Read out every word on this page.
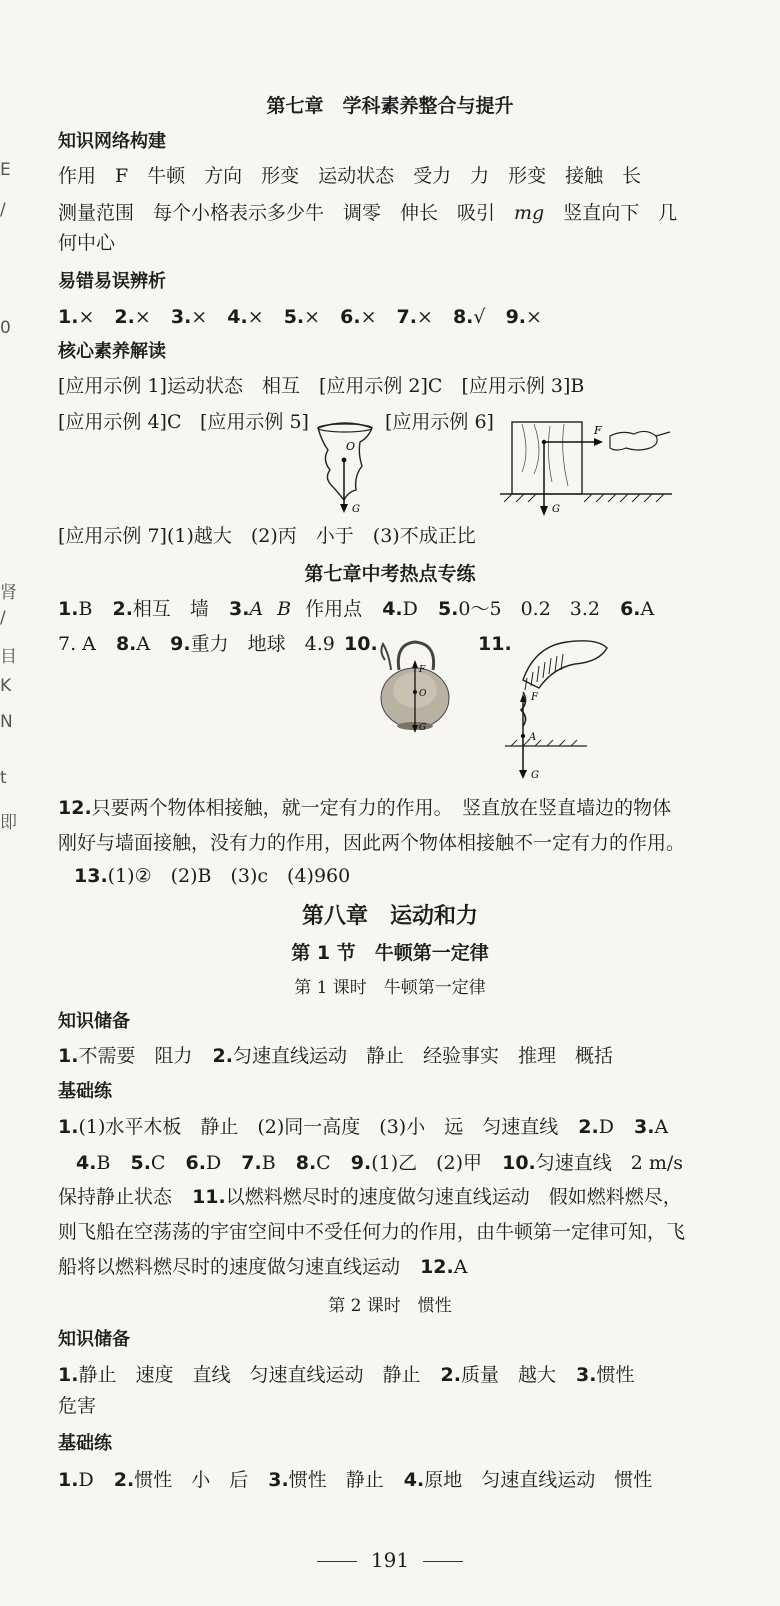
E
/
0
肾
/
目
K
N
t
即
第七章　学科素养整合与提升
知识网络构建
作用　F　牛顿　方向　形变　运动状态　受力　力　形变　接触　长
测量范围　每个小格表示多少牛　调零　伸长　吸引　mg　竖直向下　几
何中心
易错易误辨析
1.× 2.× 3.× 4.× 5.× 6.× 7.× 8.√ 9.×
核心素养解读
[应用示例 1]运动状态　相互　[应用示例 2]C　[应用示例 3]B
[应用示例 4]C [应用示例 5]	[应用示例 6]
O
G
F
G
[应用示例 7](1)越大　(2)丙　小于　(3)不成正比
第七章中考热点专练
1.B 2.相互　墙 3.A B 作用点 4.D 5.0～5　0.2　3.2 6.A
7. A 8.A 9.重力　地球　4.9 10.	11.
F
O
G
F
A
G
12.只要两个物体相接触，就一定有力的作用。　竖直放在竖直墙边的物体
刚好与墙面接触，没有力的作用，因此两个物体相接触不一定有力的作用。
13.(1)②　(2)B　(3)c　(4)960
第八章　运动和力
第 1 节　牛顿第一定律
第 1 课时　牛顿第一定律
知识储备
1.不需要　阻力 2.匀速直线运动　静止　经验事实　推理　概括
基础练
1.(1)水平木板　静止　(2)同一高度　(3)小　远　匀速直线 2.D 3.A
4.B 5.C 6.D 7.B 8.C 9.(1)乙　(2)甲 10.匀速直线　2 m/s
保持静止状态 11.以燃料燃尽时的速度做匀速直线运动　假如燃料燃尽，
则飞船在空荡荡的宇宙空间中不受任何力的作用，由牛顿第一定律可知，飞
船将以燃料燃尽时的速度做匀速直线运动 12.A
第 2 课时　惯性
知识储备
1.静止　速度　直线　匀速直线运动　静止 2.质量　越大 3.惯性
危害
基础练
1.D 2.惯性　小　后 3.惯性　静止 4.原地　匀速直线运动　惯性
191
